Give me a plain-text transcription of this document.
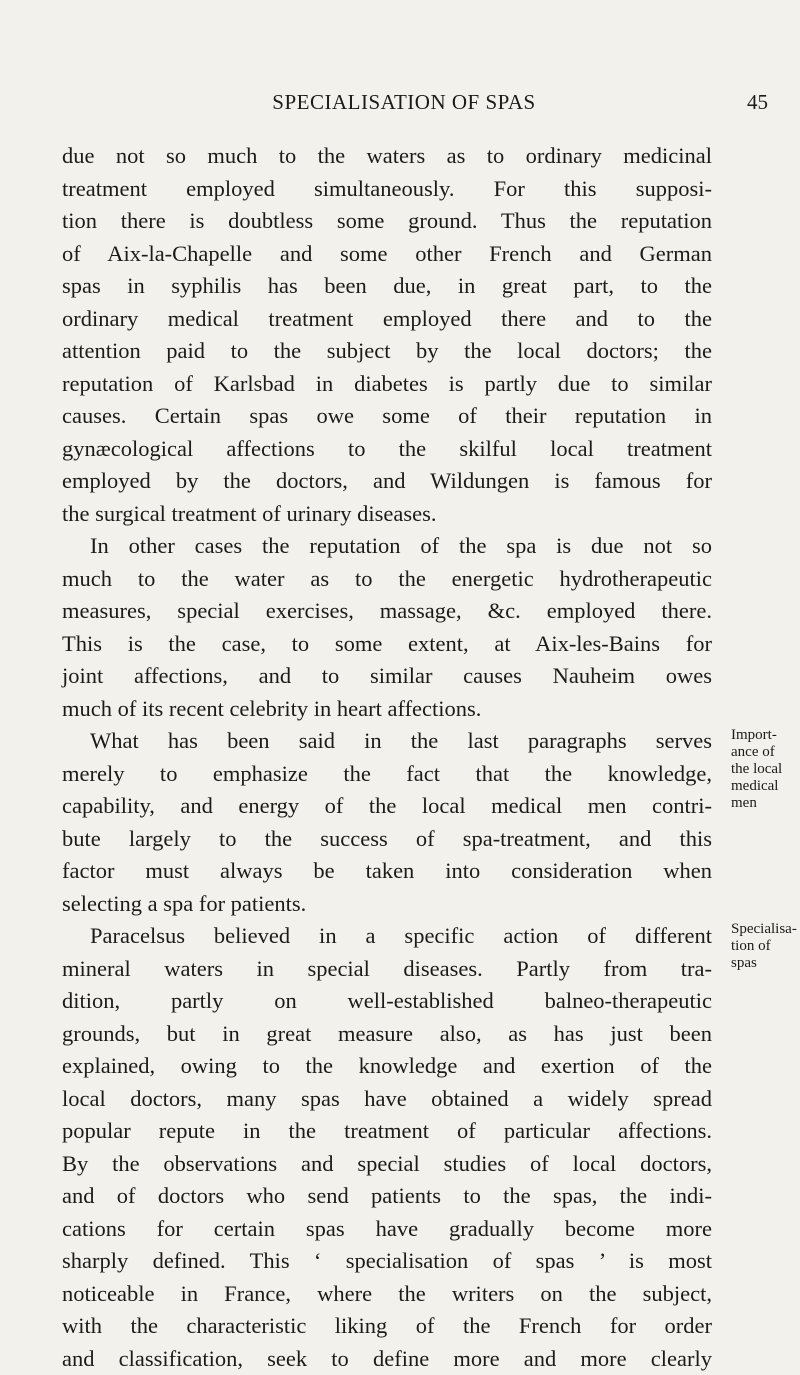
SPECIALISATION OF SPAS	45
due not so much to the waters as to ordinary medicinal
treatment employed simultaneously. For this supposi-
tion there is doubtless some ground. Thus the reputation
of Aix-la-Chapelle and some other French and German
spas in syphilis has been due, in great part, to the
ordinary medical treatment employed there and to the
attention paid to the subject by the local doctors; the
reputation of Karlsbad in diabetes is partly due to similar
causes. Certain spas owe some of their reputation in
gynæcological affections to the skilful local treatment
employed by the doctors, and Wildungen is famous for
the surgical treatment of urinary diseases.
In other cases the reputation of the spa is due not so
much to the water as to the energetic hydrotherapeutic
measures, special exercises, massage, &c. employed there.
This is the case, to some extent, at Aix-les-Bains for
joint affections, and to similar causes Nauheim owes
much of its recent celebrity in heart affections.
What has been said in the last paragraphs serves
merely to emphasize the fact that the knowledge,
capability, and energy of the local medical men contri-
bute largely to the success of spa-treatment, and this
factor must always be taken into consideration when
selecting a spa for patients.
Paracelsus believed in a specific action of different
mineral waters in special diseases. Partly from tra-
dition, partly on well-established balneo-therapeutic
grounds, but in great measure also, as has just been
explained, owing to the knowledge and exertion of the
local doctors, many spas have obtained a widely spread
popular repute in the treatment of particular affections.
By the observations and special studies of local doctors,
and of doctors who send patients to the spas, the indi-
cations for certain spas have gradually become more
sharply defined. This ‘ specialisation of spas ’ is most
noticeable in France, where the writers on the subject,
with the characteristic liking of the French for order
and classification, seek to define more and more clearly
Import-
ance of
the local
medical
men
Specialisa-
tion of
spas
